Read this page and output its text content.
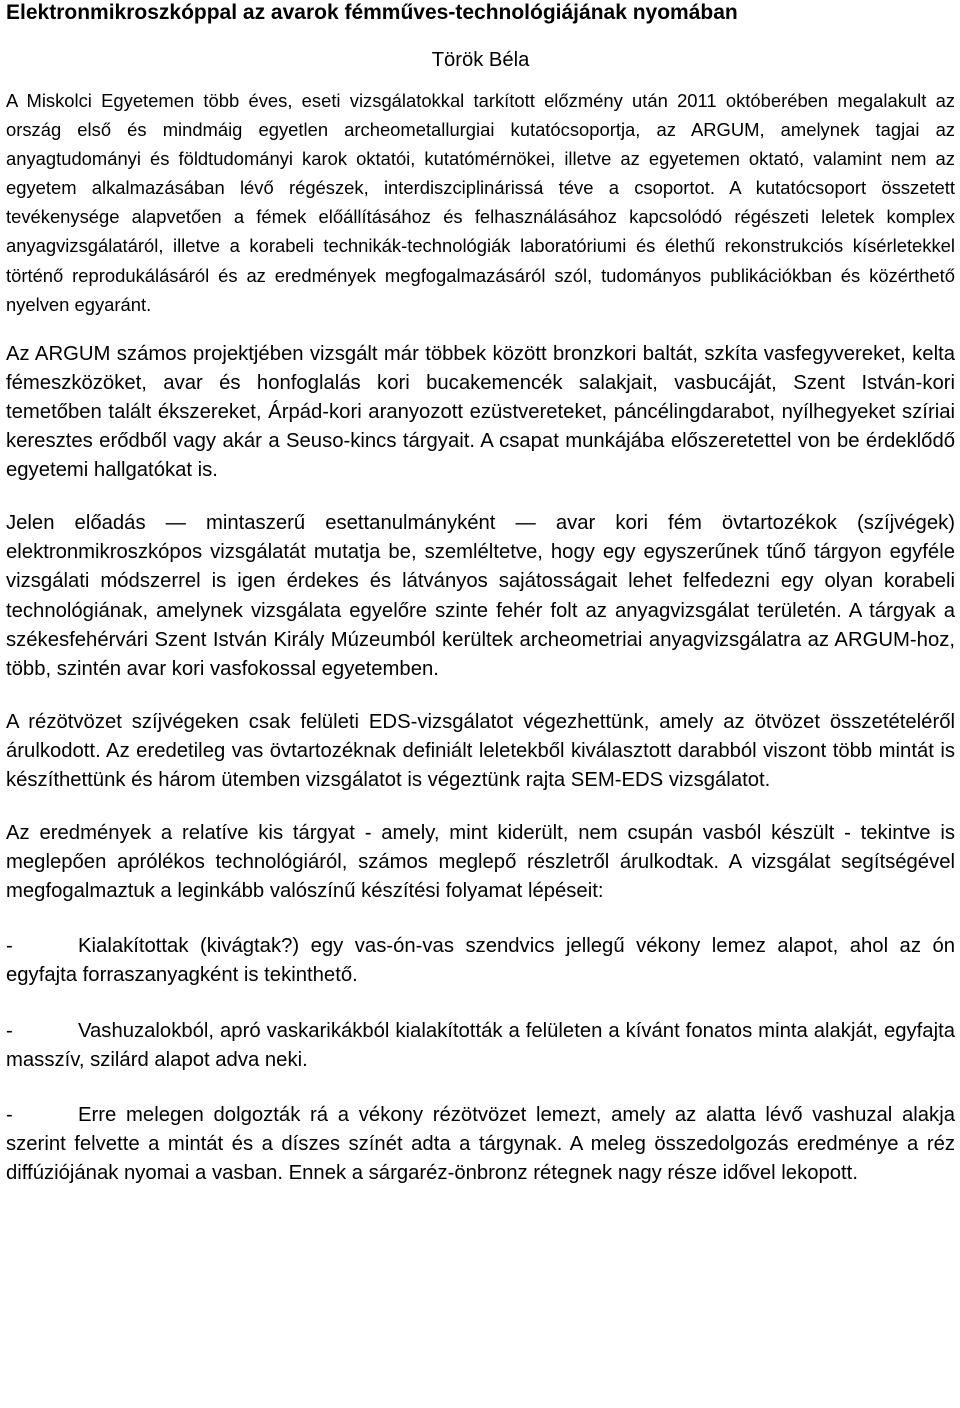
Elektronmikroszkóppal az avarok fémműves-technológiájának nyomában

Török Béla

A Miskolci Egyetemen több éves, eseti vizsgálatokkal tarkított előzmény után 2011 októberében megalakult az ország első és mindmáig egyetlen archeometallurgiai kutatócsoportja, az ARGUM, amelynek tagjai az anyagtudományi és földtudományi karok oktatói, kutatómérnökei, illetve az egyetemen oktató, valamint nem az egyetem alkalmazásában lévő régészek, interdiszciplinárissá téve a csoportot. A kutatócsoport összetett tevékenysége alapvetően a fémek előállításához és felhasználásához kapcsolódó régészeti leletek komplex anyagvizsgálatáról, illetve a korabeli technikák-technológiák laboratóriumi és élethű rekonstrukciós kísérletekkel történő reprodukálásáról és az eredmények megfogalmazásáról szól, tudományos publikációkban és közérthető nyelven egyaránt.

Az ARGUM számos projektjében vizsgált már többek között bronzkori baltát, szkíta vasfegyvereket, kelta fémeszközöket, avar és honfoglalás kori bucakemencék salakjait, vasbucáját, Szent István-kori temetőben talált ékszereket, Árpád-kori aranyozott ezüstvereteket, páncélingdarabot, nyílhegyeket szíriai keresztes erődből vagy akár a Seuso-kincs tárgyait. A csapat munkájába előszeretettel von be érdeklődő egyetemi hallgatókat is.

Jelen előadás — mintaszerű esettanulmányként — avar kori fém övtartozékok (szíjvégek) elektronmikroszkópos vizsgálatát mutatja be, szemléltetve, hogy egy egyszerűnek tűnő tárgyon egyféle vizsgálati módszerrel is igen érdekes és látványos sajátosságait lehet felfedezni egy olyan korabeli technológiának, amelynek vizsgálata egyelőre szinte fehér folt az anyagvizsgálat területén. A tárgyak a székesfehérvári Szent István Király Múzeumból kerültek archeometriai anyagvizsgálatra az ARGUM-hoz, több, szintén avar kori vasfokossal egyetemben.

A rézötvözet szíjvégeken csak felületi EDS-vizsgálatot végezhettünk, amely az ötvözet összetételéről árulkodott. Az eredetileg vas övtartozéknak definiált leletekből kiválasztott darabból viszont több mintát is készíthettünk és három ütemben vizsgálatot is végeztünk rajta SEM-EDS vizsgálatot.

Az eredmények a relatíve kis tárgyat - amely, mint kiderült, nem csupán vasból készült - tekintve is meglepően aprólékos technológiáról, számos meglepő részletről árulkodtak. A vizsgálat segítségével megfogalmaztuk a leginkább valószínű készítési folyamat lépéseit:

-	Kialakítottak (kivágtak?) egy vas-ón-vas szendvics jellegű vékony lemez alapot, ahol az ón egyfajta forraszanyagként is tekinthető.

-	Vashuzalokból, apró vaskarikákból kialakították a felületen a kívánt fonatos minta alakját, egyfajta masszív, szilárd alapot adva neki.

-	Erre melegen dolgozták rá a vékony rézötvözet lemezt, amely az alatta lévő vashuzal alakja szerint felvette a mintát és a díszes színét adta a tárgynak. A meleg összedolgozás eredménye a réz diffúziójának nyomai a vasban. Ennek a sárgaréz-önbronz rétegnek nagy része idővel lekopott.
